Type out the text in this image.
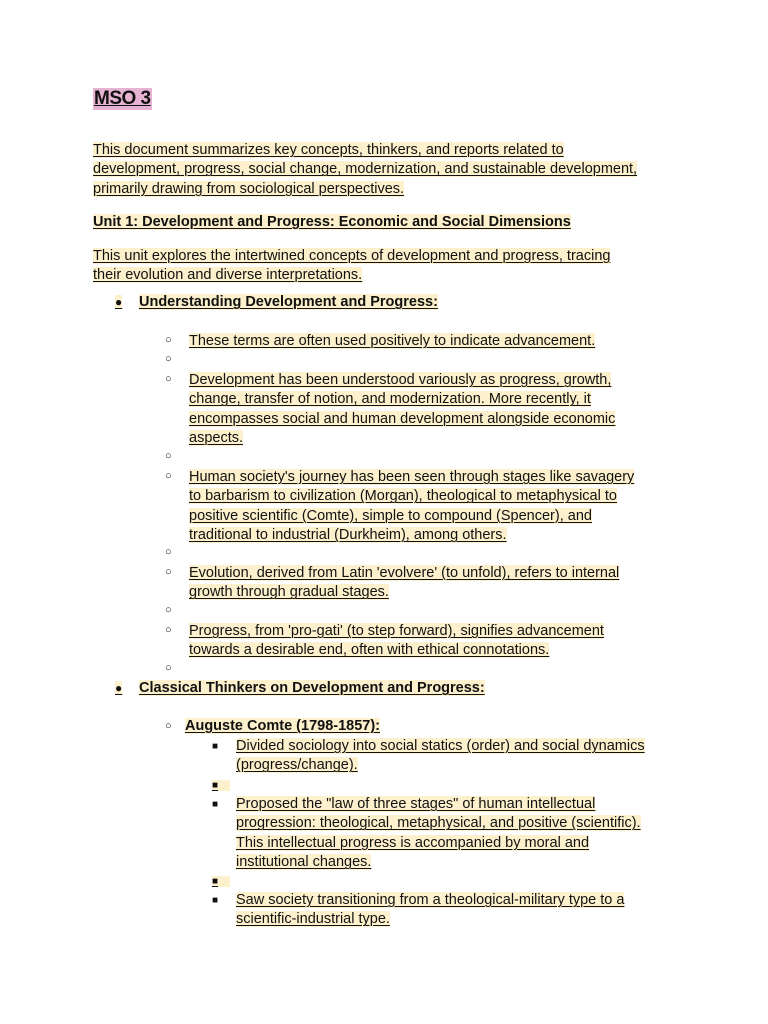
MSO 3
This document summarizes key concepts, thinkers, and reports related to
development, progress, social change, modernization, and sustainable development,
primarily drawing from sociological perspectives.
Unit 1: Development and Progress: Economic and Social Dimensions
This unit explores the intertwined concepts of development and progress, tracing
their evolution and diverse interpretations.
● Understanding Development and Progress:
○ These terms are often used positively to indicate advancement.
○
○ Development has been understood variously as progress, growth,
change, transfer of notion, and modernization. More recently, it
encompasses social and human development alongside economic
aspects.
○
○ Human society's journey has been seen through stages like savagery
to barbarism to civilization (Morgan), theological to metaphysical to
positive scientific (Comte), simple to compound (Spencer), and
traditional to industrial (Durkheim), among others.
○
○ Evolution, derived from Latin 'evolvere' (to unfold), refers to internal
growth through gradual stages.
○
○ Progress, from 'pro-gati' (to step forward), signifies advancement
towards a desirable end, often with ethical connotations.
○
● Classical Thinkers on Development and Progress:
○ Auguste Comte (1798-1857):
■ Divided sociology into social statics (order) and social dynamics
(progress/change).
■
■ Proposed the "law of three stages" of human intellectual
progression: theological, metaphysical, and positive (scientific).
This intellectual progress is accompanied by moral and
institutional changes.
■
■ Saw society transitioning from a theological-military type to a
scientific-industrial type.
